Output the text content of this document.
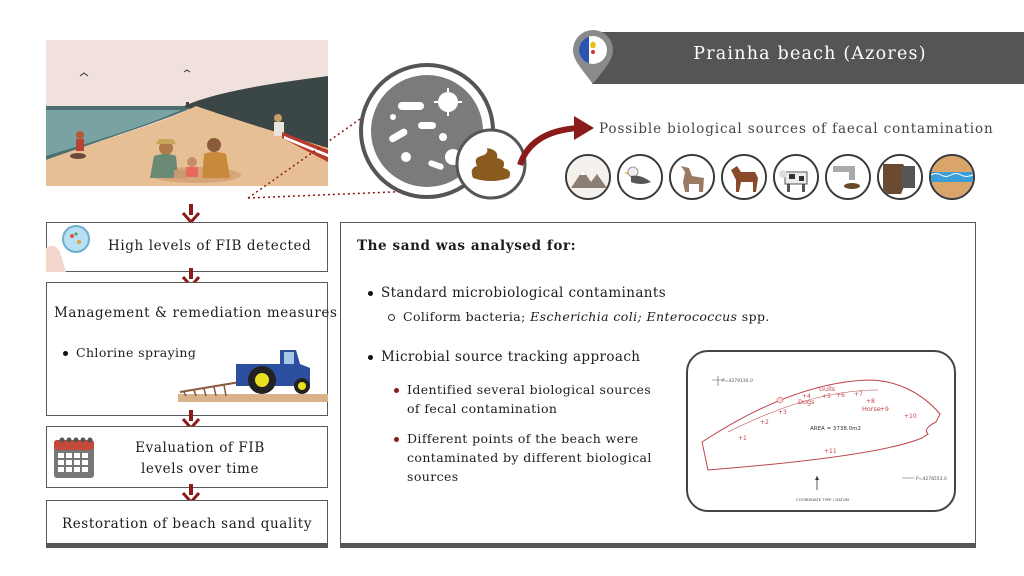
Prainha beach (Azores)
Possible biological sources of faecal contamination
High levels of FIB detected
Management & remediation measures
Chlorine spraying
Evaluation of FIB
levels over time
Restoration of beach sand quality
The sand was analysed for:
Standard microbiological contaminants
Coliform bacteria; Escherichia coli; Enterococcus spp.
Microbial source tracking approach
Identified several biological sources
of fecal contamination
Different points of the beach were
contaminated by different biological
sources
P=4279130.0
P=4278553.0
Gulls
Dogs
Horse
AREA = 3738.0m2
+1
+2
+3
+4 +5 +6 +7
+8
+9
+10
+11
COORDINATE TYPE / DATUM
